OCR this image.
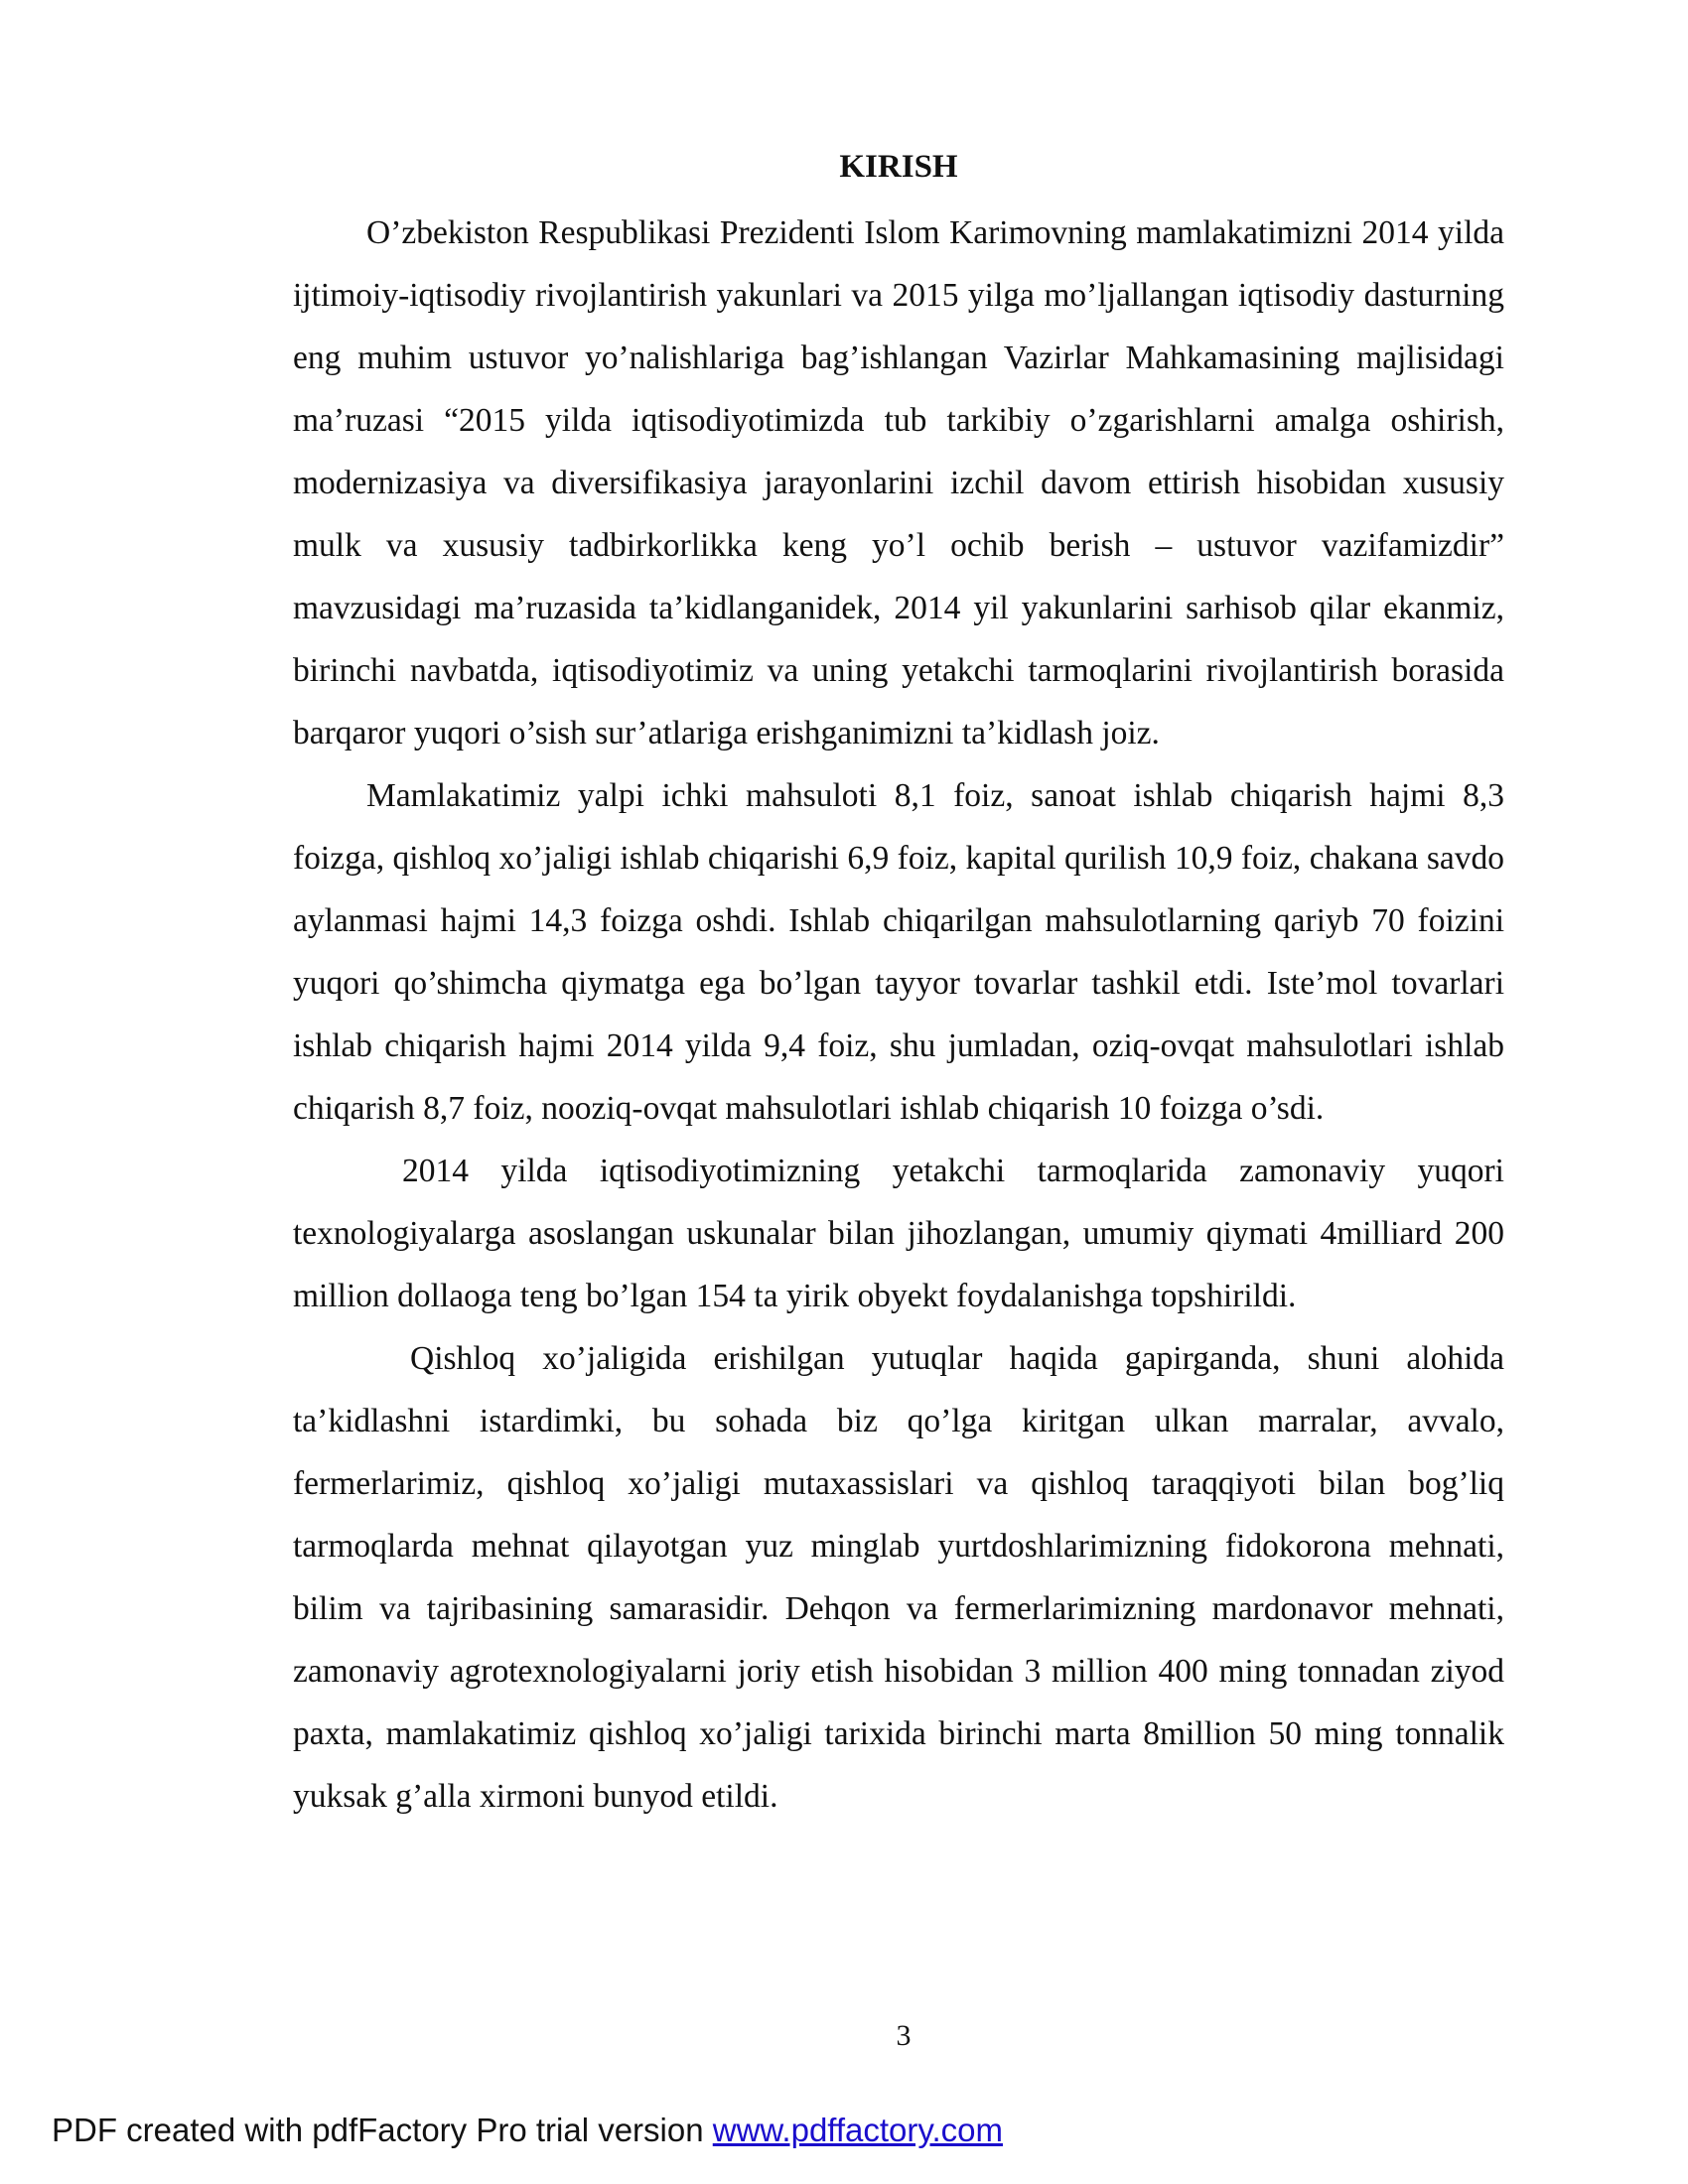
KIRISH

O’zbekiston Respublikasi Prezidenti Islom Karimovning mamlakatimizni 2014 yilda ijtimoiy-iqtisodiy rivojlantirish yakunlari va 2015 yilga mo’ljallangan iqtisodiy dasturning eng muhim ustuvor yo’nalishlariga bag’ishlangan Vazirlar Mahkamasining majlisidagi ma’ruzasi “2015 yilda iqtisodiyotimizda tub tarkibiy o’zgarishlarni amalga oshirish, modernizasiya va diversifikasiya jarayonlarini izchil davom ettirish hisobidan xususiy mulk va xususiy tadbirkorlikka keng yo’l ochib berish – ustuvor vazifamizdir” mavzusidagi ma’ruzasida ta’kidlanganidek, 2014 yil yakunlarini sarhisob qilar ekanmiz, birinchi navbatda, iqtisodiyotimiz va uning yetakchi tarmoqlarini rivojlantirish borasida barqaror yuqori o’sish sur’atlariga erishganimizni ta’kidlash joiz.

Mamlakatimiz yalpi ichki mahsuloti 8,1 foiz, sanoat ishlab chiqarish hajmi 8,3 foizga, qishloq xo’jaligi ishlab chiqarishi 6,9 foiz, kapital qurilish 10,9 foiz, chakana savdo aylanmasi hajmi 14,3 foizga oshdi. Ishlab chiqarilgan mahsulotlarning qariyb 70 foizini yuqori qo’shimcha qiymatga ega bo’lgan tayyor tovarlar tashkil etdi. Iste’mol tovarlari ishlab chiqarish hajmi 2014 yilda 9,4 foiz, shu jumladan, oziq-ovqat mahsulotlari ishlab chiqarish 8,7 foiz, nooziq-ovqat mahsulotlari ishlab chiqarish 10 foizga o’sdi.

2014 yilda iqtisodiyotimizning yetakchi tarmoqlarida zamonaviy yuqori texnologiyalarga asoslangan uskunalar bilan jihozlangan, umumiy qiymati 4milliard 200 million dollaoga teng bo’lgan 154 ta yirik obyekt foydalanishga topshirildi.

Qishloq xo’jaligida erishilgan yutuqlar haqida gapirganda, shuni alohida ta’kidlashni istardimki, bu sohada biz qo’lga kiritgan ulkan marralar, avvalo, fermerlarimiz, qishloq xo’jaligi mutaxassislari va qishloq taraqqiyoti bilan bog’liq tarmoqlarda mehnat qilayotgan yuz minglab yurtdoshlarimizning fidokorona mehnati, bilim va tajribasining samarasidir. Dehqon va fermerlarimizning mardonavor mehnati, zamonaviy agrotexnologiyalarni joriy etish hisobidan 3 million 400 ming tonnadan ziyod paxta, mamlakatimiz qishloq xo’jaligi tarixida birinchi marta 8million 50 ming tonnalik yuksak g’alla xirmoni bunyod etildi.

3
PDF created with pdfFactory Pro trial version www.pdffactory.com
